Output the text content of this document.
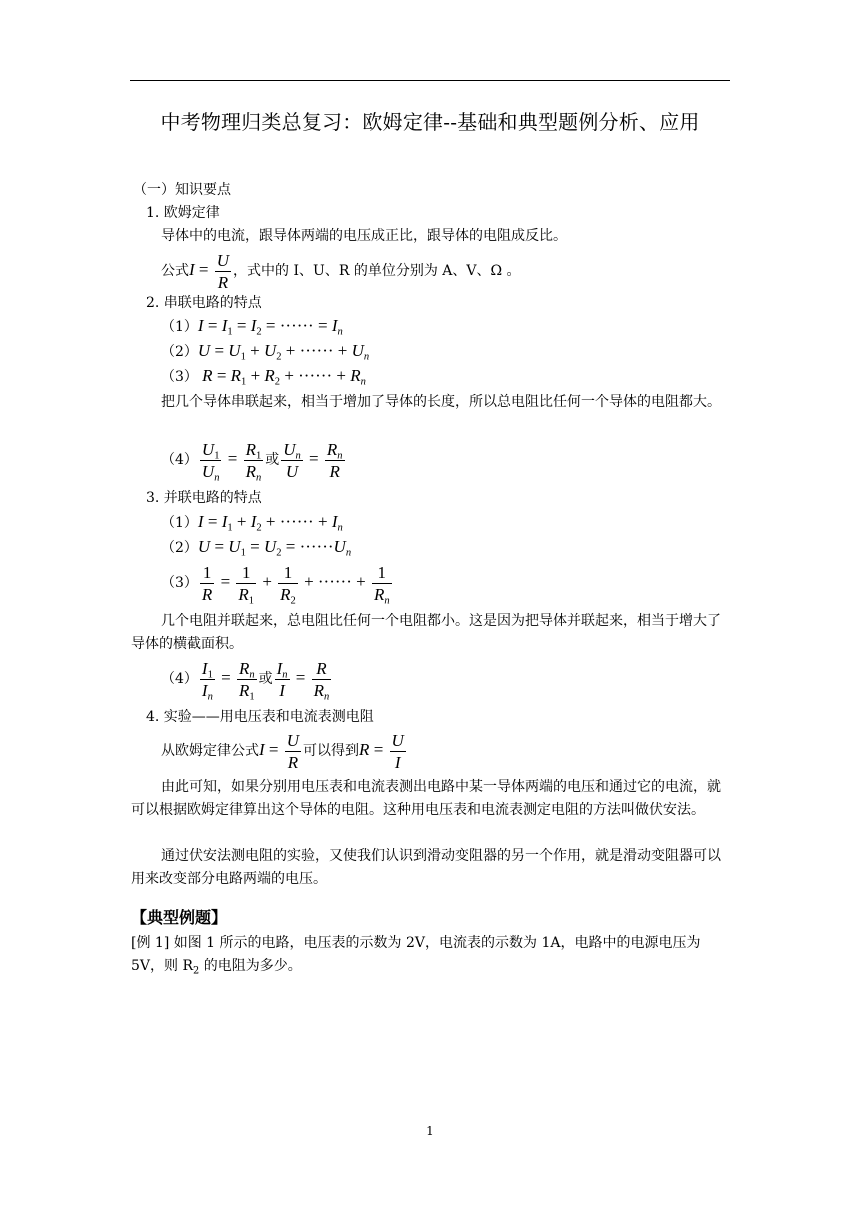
中考物理归类总复习：欧姆定律--基础和典型题例分析、应用
（一）知识要点
1. 欧姆定律
导体中的电流，跟导体两端的电压成正比，跟导体的电阻成反比。
公式$I = \frac{U}{R}$ ，式中的 I、U、R 的单位分别为 A、V、Ω 。
2. 串联电路的特点
$(1)I = I_1 = I_2$ = ······ = $I_n$
$(2)U = U_1 + U_2$ + ······ + $U_n$
（3） $R = R_1 + R_2$ + ······ + $R_n$
把几个导体串联起来，相当于增加了导体的长度，所以总电阻比任何一个导体的电阻都大。
$(4) \frac{U_1}{U_n} = \frac{R_1}{R_n}$ 或 $\frac{U_n}{U} = \frac{R_n}{R}$
3. 并联电路的特点
$(1)I = I_1 + I_2$ + ······ + $I_n$
$(2)U = U_1 = U_2 = \cdot\cdot\cdot\cdot\cdot\cdot U_n$
$(3) \frac{1}{R} = \frac{1}{R_1} + \frac{1}{R_2}$ + ······ + $\frac{1}{R_n}$
几个电阻并联起来，总电阻比任何一个电阻都小。这是因为把导体并联起来，相当于增大了导体的横截面积。
$(4) \frac{I_1}{I_n} = \frac{R_n}{R_1}$ 或 $\frac{I_n}{I} = \frac{R}{R_n}$
4. 实验——用电压表和电流表测电阻
从欧姆定律公式$I = \frac{U}{R}$ 可以得到$R = \frac{U}{I}$
由此可知，如果分别用电压表和电流表测出电路中某一导体两端的电压和通过它的电流，就可以根据欧姆定律算出这个导体的电阻。这种用电压表和电流表测定电阻的方法叫做伏安法。
通过伏安法测电阻的实验，又使我们认识到滑动变阻器的另一个作用，就是滑动变阻器可以用来改变部分电路两端的电压。
【典型例题】
[例 1] 如图 1 所示的电路，电压表的示数为 2V，电流表的示数为 1A，电路中的电源电压为 5V，则 $R_2$ 的电阻为多少。
1
